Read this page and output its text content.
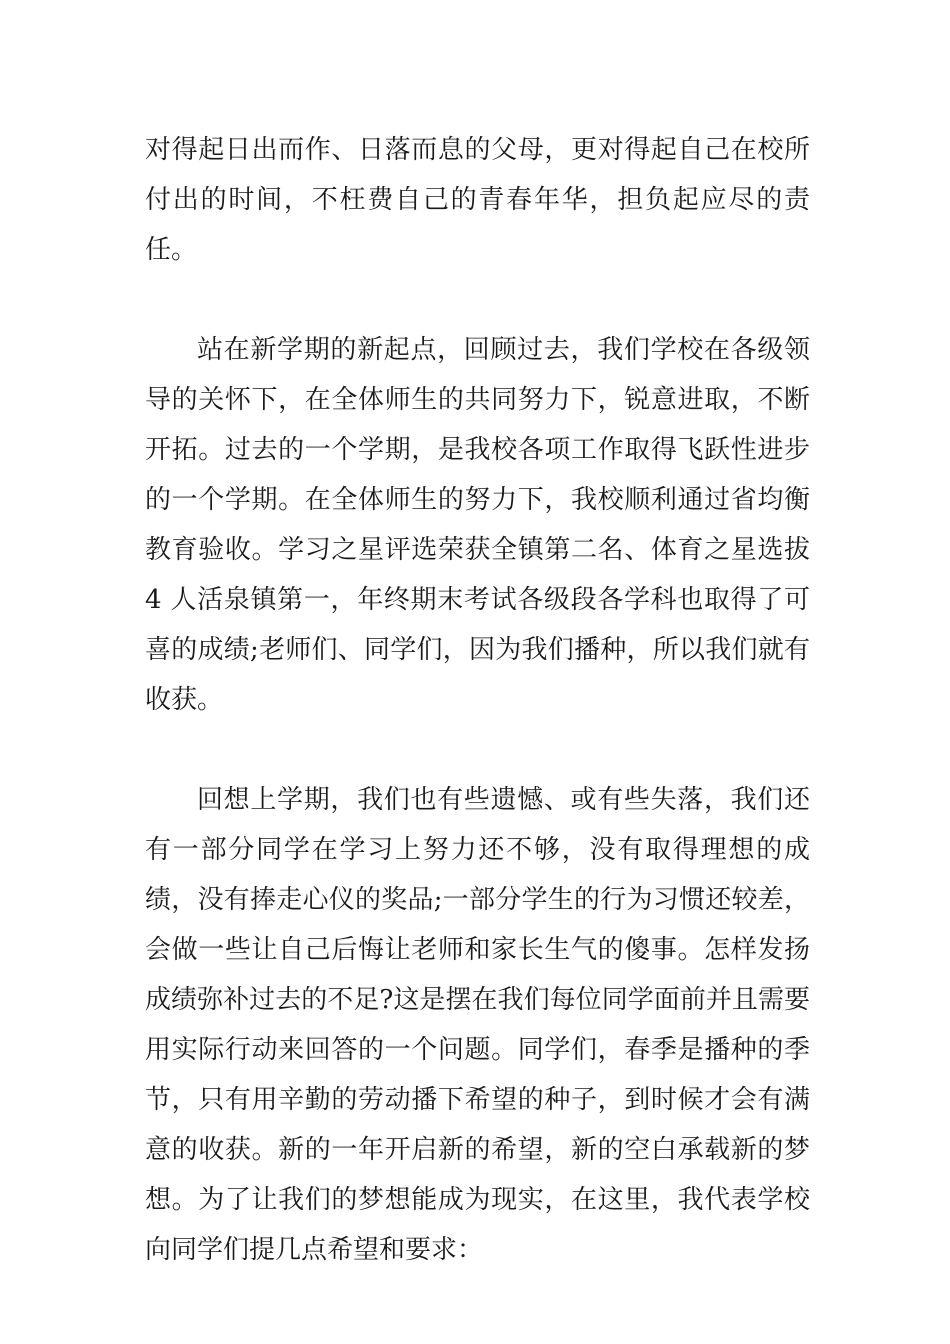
对得起日出而作、日落而息的父母，更对得起自己在校所付出的时间，不枉费自己的青春年华，担负起应尽的责任。

站在新学期的新起点，回顾过去，我们学校在各级领导的关怀下，在全体师生的共同努力下，锐意进取，不断开拓。过去的一个学期，是我校各项工作取得飞跃性进步的一个学期。在全体师生的努力下，我校顺利通过省均衡教育验收。学习之星评选荣获全镇第二名、体育之星选拔 4 人活泉镇第一，年终期末考试各级段各学科也取得了可喜的成绩;老师们、同学们，因为我们播种，所以我们就有收获。

回想上学期，我们也有些遗憾、或有些失落，我们还有一部分同学在学习上努力还不够，没有取得理想的成绩，没有捧走心仪的奖品;一部分学生的行为习惯还较差，会做一些让自己后悔让老师和家长生气的傻事。怎样发扬成绩弥补过去的不足?这是摆在我们每位同学面前并且需要用实际行动来回答的一个问题。同学们，春季是播种的季节，只有用辛勤的劳动播下希望的种子，到时候才会有满意的收获。新的一年开启新的希望，新的空白承载新的梦想。为了让我们的梦想能成为现实，在这里，我代表学校向同学们提几点希望和要求：
